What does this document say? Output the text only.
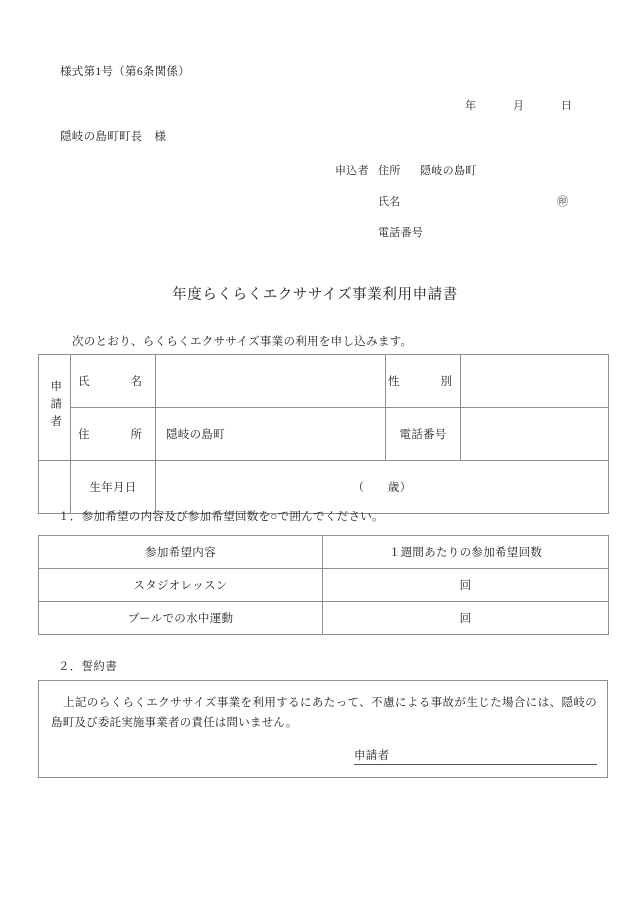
様式第1号（第6条関係）
年	月	日
隠岐の島町町長　様
申込者 住所 隠岐の島町
氏名	㊞
電話番号
年度らくらくエクササイズ事業利用申請書
次のとおり、らくらくエクササイズ事業の利用を申し込みます。
申請者	氏　　名		性　　別	
	住　　所	隠岐の島町	電話番号	
	生年月日	（　　歳）		
１．参加希望の内容及び参加希望回数を○で囲んでください。
参加希望内容	１週間あたりの参加希望回数
スタジオレッスン	回
プールでの水中運動	回
２．誓約書
上記のらくらくエクササイズ事業を利用するにあたって、不慮による事故が生じた場合には、隠岐の島町及び委託実施事業者の責任は問いません。
申請者
